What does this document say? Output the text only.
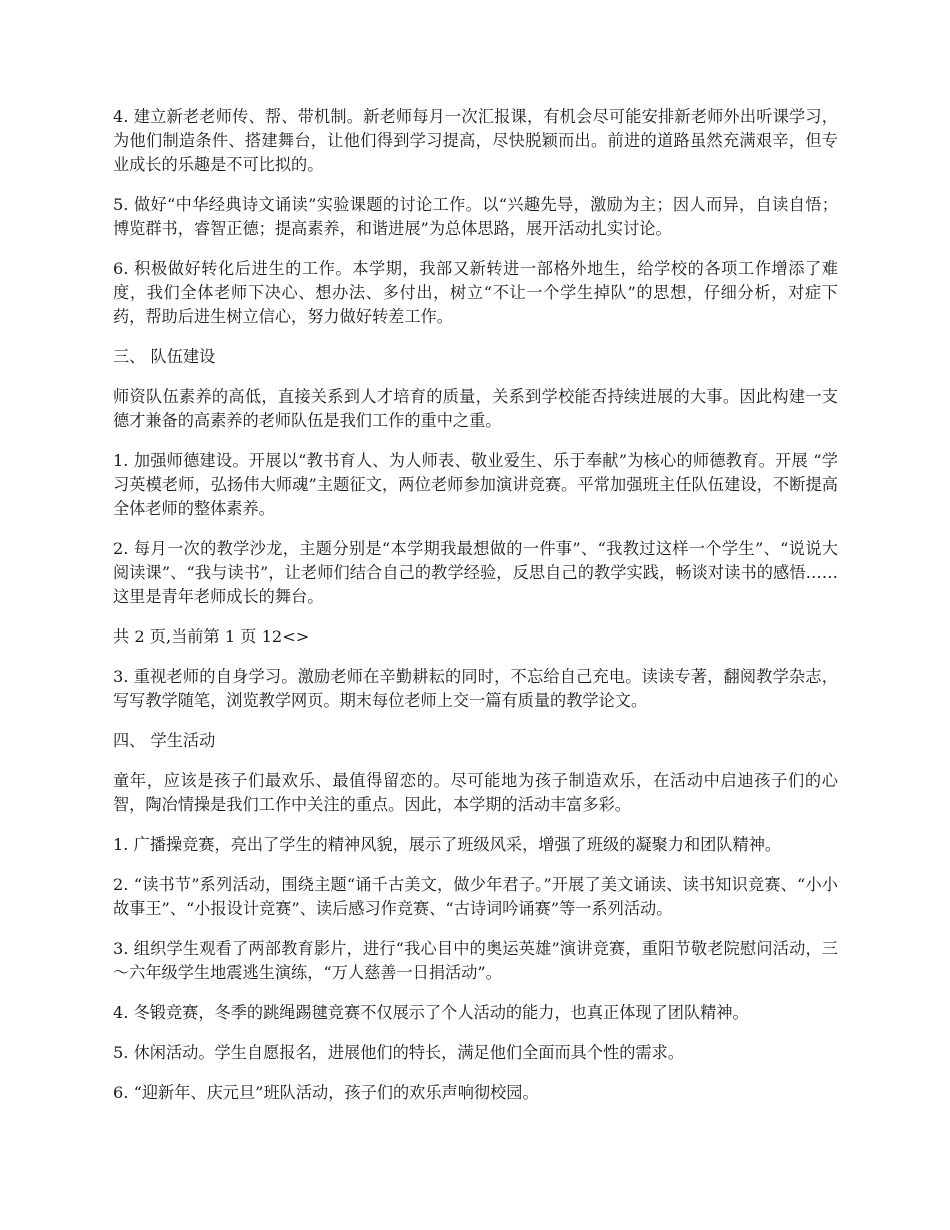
4. 建立新老老师传、帮、带机制。新老师每月一次汇报课，有机会尽可能安排新老师外出听课学习，为他们制造条件、搭建舞台，让他们得到学习提高，尽快脱颖而出。前进的道路虽然充满艰辛，但专业成长的乐趣是不可比拟的。

5. 做好“中华经典诗文诵读”实验课题的讨论工作。以“兴趣先导，激励为主；因人而异，自读自悟；博览群书，睿智正德；提高素养，和谐进展”为总体思路，展开活动扎实讨论。

6. 积极做好转化后进生的工作。本学期，我部又新转进一部格外地生，给学校的各项工作增添了难度，我们全体老师下决心、想办法、多付出，树立“不让一个学生掉队”的思想，仔细分析，对症下药，帮助后进生树立信心，努力做好转差工作。

三、 队伍建设

师资队伍素养的高低，直接关系到人才培育的质量，关系到学校能否持续进展的大事。因此构建一支德才兼备的高素养的老师队伍是我们工作的重中之重。

1. 加强师德建设。开展以“教书育人、为人师表、敬业爱生、乐于奉献”为核心的师德教育。开展 “学习英模老师，弘扬伟大师魂”主题征文，两位老师参加演讲竞赛。平常加强班主任队伍建设，不断提高全体老师的整体素养。

2. 每月一次的教学沙龙，主题分别是“本学期我最想做的一件事”、“我教过这样一个学生”、“说说大阅读课”、“我与读书”，让老师们结合自己的教学经验，反思自己的教学实践，畅谈对读书的感悟……这里是青年老师成长的舞台。

共 2 页,当前第 1 页 12<>

3. 重视老师的自身学习。激励老师在辛勤耕耘的同时，不忘给自己充电。读读专著，翻阅教学杂志，写写教学随笔，浏览教学网页。期末每位老师上交一篇有质量的教学论文。

四、 学生活动

童年，应该是孩子们最欢乐、最值得留恋的。尽可能地为孩子制造欢乐，在活动中启迪孩子们的心智，陶冶情操是我们工作中关注的重点。因此，本学期的活动丰富多彩。

1. 广播操竞赛，亮出了学生的精神风貌，展示了班级风采，增强了班级的凝聚力和团队精神。

2. “读书节”系列活动，围绕主题“诵千古美文，做少年君子。”开展了美文诵读、读书知识竞赛、“小小故事王”、“小报设计竞赛”、读后感习作竞赛、“古诗词吟诵赛”等一系列活动。

3. 组织学生观看了两部教育影片，进行“我心目中的奥运英雄”演讲竞赛，重阳节敬老院慰问活动，三～六年级学生地震逃生演练，“万人慈善一日捐活动”。

4. 冬锻竞赛，冬季的跳绳踢毽竞赛不仅展示了个人活动的能力，也真正体现了团队精神。

5. 休闲活动。学生自愿报名，进展他们的特长，满足他们全面而具个性的需求。

6. “迎新年、庆元旦”班队活动，孩子们的欢乐声响彻校园。
